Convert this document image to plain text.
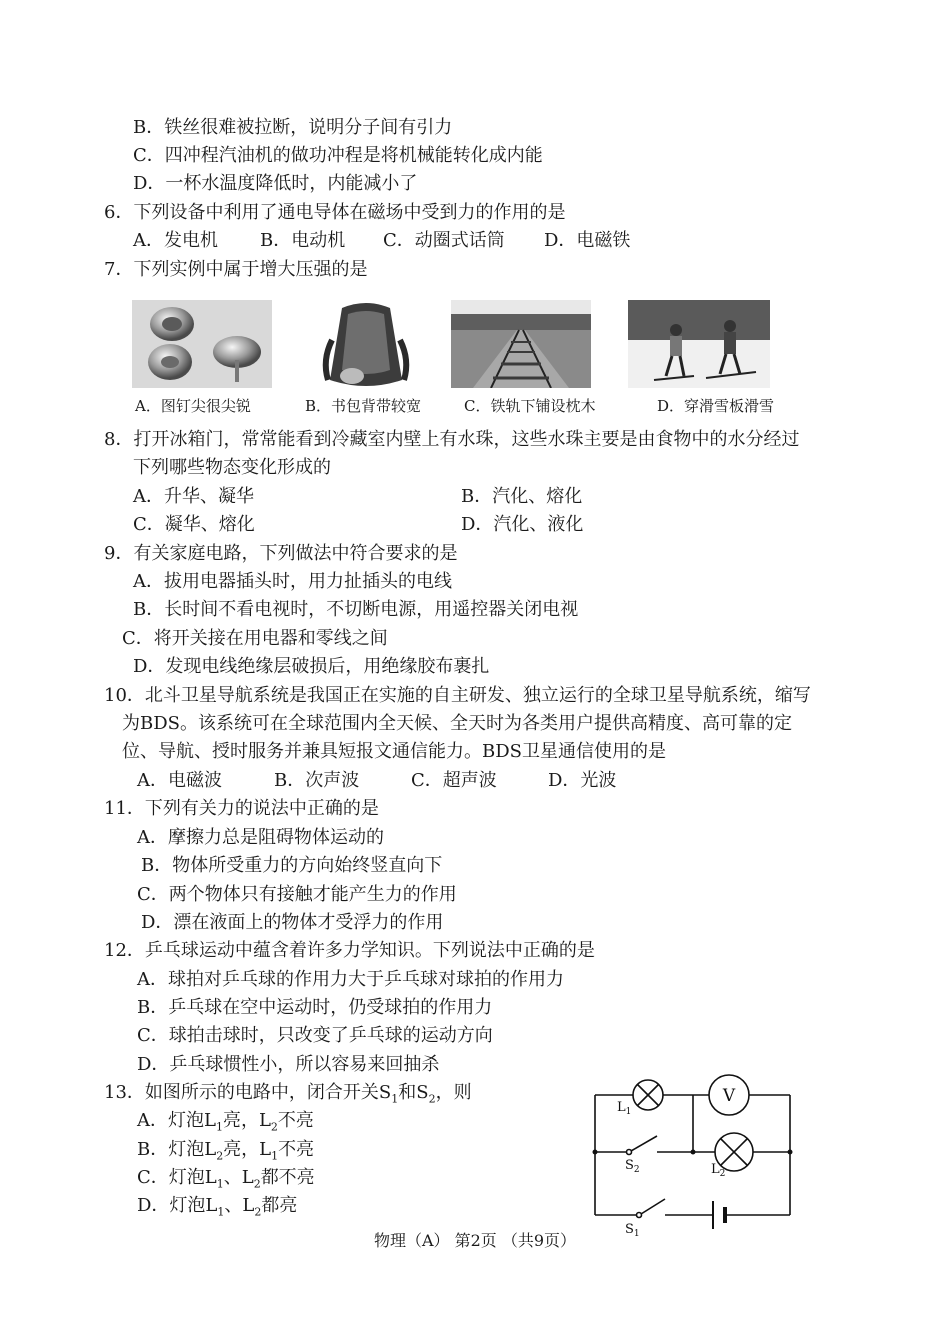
B．铁丝很难被拉断，说明分子间有引力
C．四冲程汽油机的做功冲程是将机械能转化成内能
D．一杯水温度降低时，内能减小了
6．下列设备中利用了通电导体在磁场中受到力的作用的是
A．发电机 B．电动机 C．动圈式话筒 D．电磁铁
7．下列实例中属于增大压强的是
A．图钉尖很尖锐	B．书包背带较宽	C．铁轨下铺设枕木	D．穿滑雪板滑雪
8．打开冰箱门，常常能看到冷藏室内壁上有水珠，这些水珠主要是由食物中的水分经过
下列哪些物态变化形成的
A．升华、凝华	B．汽化、熔化
C．凝华、熔化	D．汽化、液化
9．有关家庭电路，下列做法中符合要求的是
A．拔用电器插头时，用力扯插头的电线
B．长时间不看电视时，不切断电源，用遥控器关闭电视
C．将开关接在用电器和零线之间
D．发现电线绝缘层破损后，用绝缘胶布裹扎
10．北斗卫星导航系统是我国正在实施的自主研发、独立运行的全球卫星导航系统，缩写
为BDS。该系统可在全球范围内全天候、全天时为各类用户提供高精度、高可靠的定
位、导航、授时服务并兼具短报文通信能力。BDS卫星通信使用的是
A．电磁波	B．次声波	C．超声波	D．光波
11．下列有关力的说法中正确的是
A．摩擦力总是阻碍物体运动的
B．物体所受重力的方向始终竖直向下
C．两个物体只有接触才能产生力的作用
D．漂在液面上的物体才受浮力的作用
12．乒乓球运动中蕴含着许多力学知识。下列说法中正确的是
A．球拍对乒乓球的作用力大于乒乓球对球拍的作用力
B．乒乓球在空中运动时，仍受球拍的作用力
C．球拍击球时，只改变了乒乓球的运动方向
D．乒乓球惯性小，所以容易来回抽杀
13．如图所示的电路中，闭合开关$S_1$和$S_2$，则
A．灯泡$L_1$亮，$L_2$不亮
B．灯泡$L_2$亮，$L_1$不亮
C．灯泡$L_1$、$L_2$都不亮
D．灯泡$L_1$、$L_2$都亮
V
$L_1$
$S_2$	$L_2$
$S_1$
物理（A） 第2页 （共9页）
